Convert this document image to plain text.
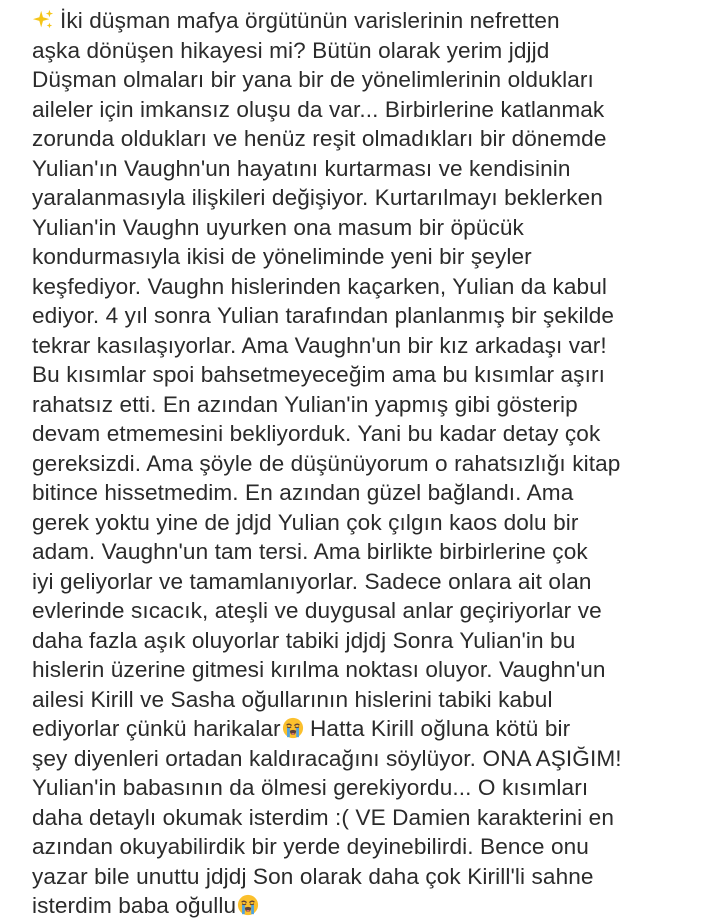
İki düşman mafya örgütünün varislerinin nefretten
aşka dönüşen hikayesi mi? Bütün olarak yerim jdjjd
Düşman olmaları bir yana bir de yönelimlerinin oldukları
aileler için imkansız oluşu da var... Birbirlerine katlanmak
zorunda oldukları ve henüz reşit olmadıkları bir dönemde
Yulian'ın Vaughn'un hayatını kurtarması ve kendisinin
yaralanmasıyla ilişkileri değişiyor. Kurtarılmayı beklerken
Yulian'in Vaughn uyurken ona masum bir öpücük
kondurmasıyla ikisi de yöneliminde yeni bir şeyler
keşfediyor. Vaughn hislerinden kaçarken, Yulian da kabul
ediyor. 4 yıl sonra Yulian tarafından planlanmış bir şekilde
tekrar kasılaşıyorlar. Ama Vaughn'un bir kız arkadaşı var!
Bu kısımlar spoi bahsetmeyeceğim ama bu kısımlar aşırı
rahatsız etti. En azından Yulian'in yapmış gibi gösterip
devam etmemesini bekliyorduk. Yani bu kadar detay çok
gereksizdi. Ama şöyle de düşünüyorum o rahatsızlığı kitap
bitince hissetmedim. En azından güzel bağlandı. Ama
gerek yoktu yine de jdjd Yulian çok çılgın kaos dolu bir
adam. Vaughn'un tam tersi. Ama birlikte birbirlerine çok
iyi geliyorlar ve tamamlanıyorlar. Sadece onlara ait olan
evlerinde sıcacık, ateşli ve duygusal anlar geçiriyorlar ve
daha fazla aşık oluyorlar tabiki jdjdj Sonra Yulian'in bu
hislerin üzerine gitmesi kırılma noktası oluyor. Vaughn'un
ailesi Kirill ve Sasha oğullarının hislerini tabiki kabul
ediyorlar çünkü harikalar Hatta Kirill oğluna kötü bir
şey diyenleri ortadan kaldıracağını söylüyor. ONA AŞIĞIM!
Yulian'in babasının da ölmesi gerekiyordu... O kısımları
daha detaylı okumak isterdim :( VE Damien karakterini en
azından okuyabilirdik bir yerde deyinebilirdi. Bence onu
yazar bile unuttu jdjdj Son olarak daha çok Kirill'li sahne
isterdim baba oğullu
